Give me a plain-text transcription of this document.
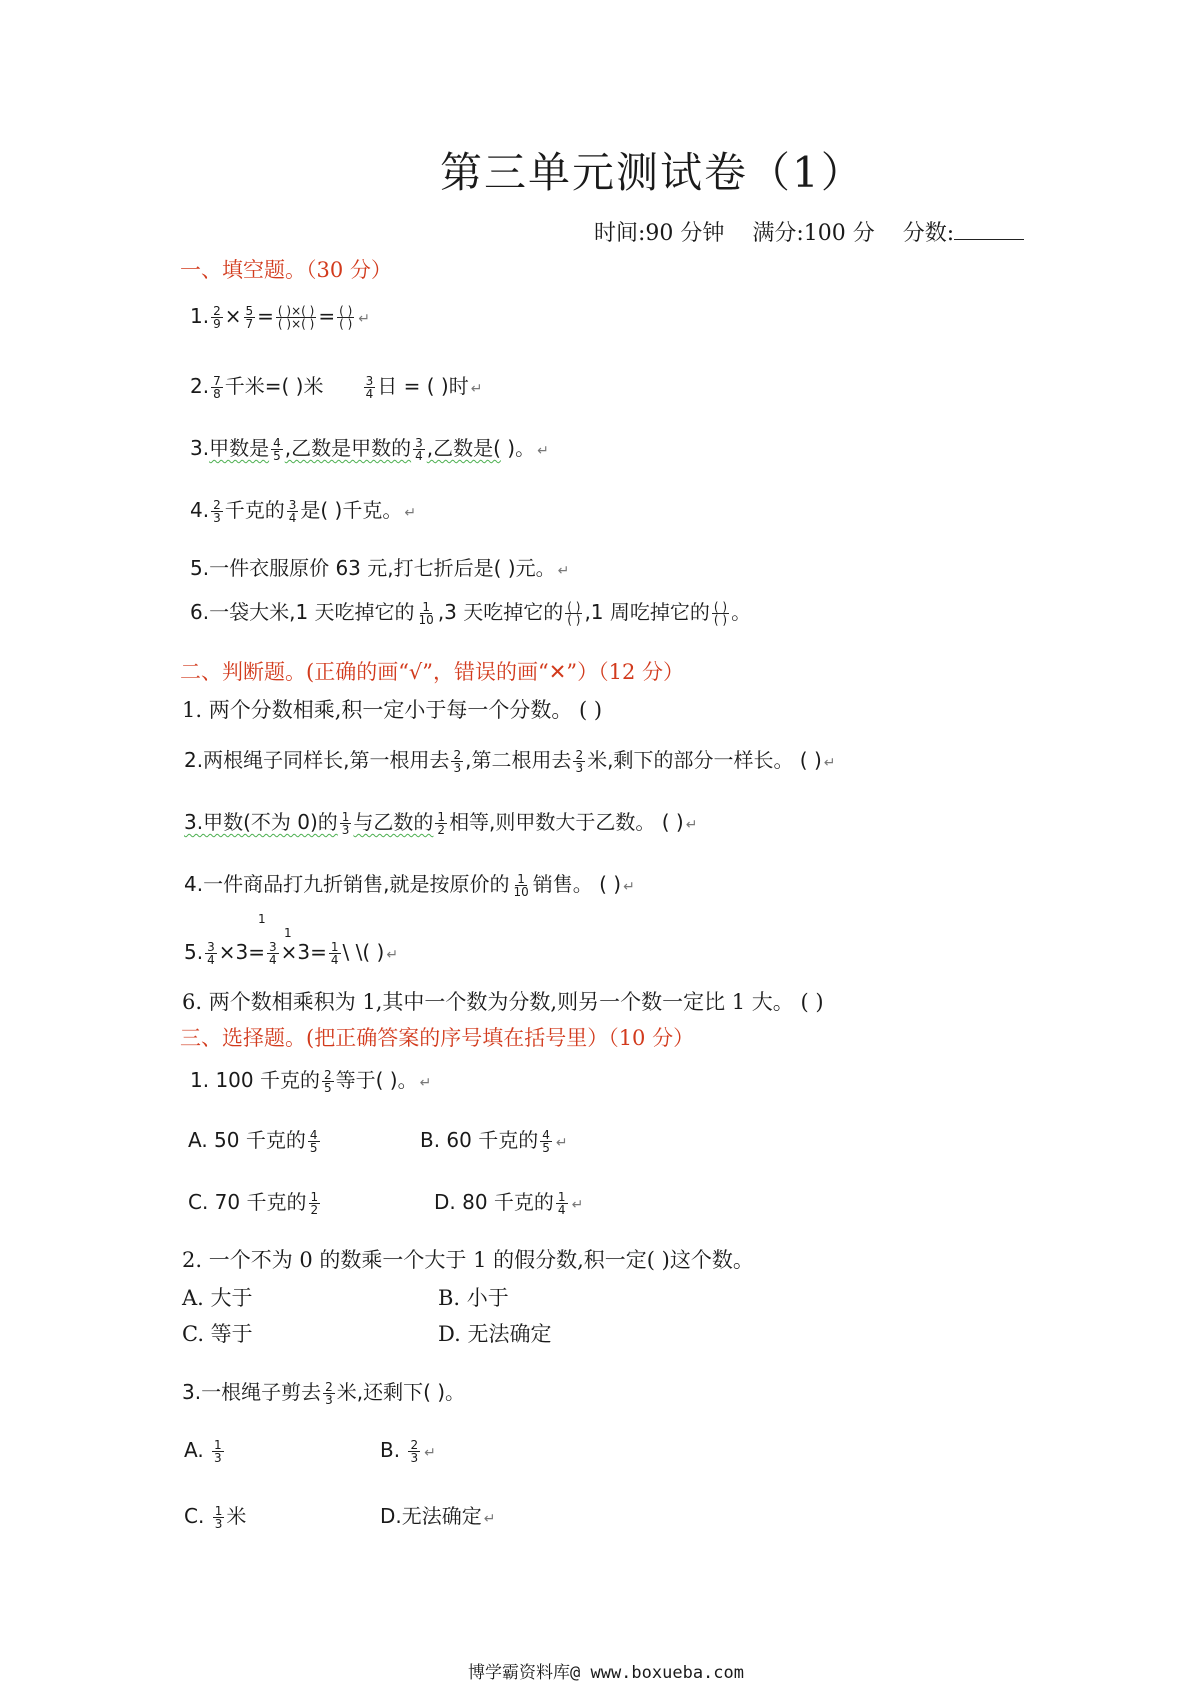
第三单元测试卷（1）
时间:90 分钟 满分:100 分 分数:
一、填空题。（30 分）
1. $\frac{2}{9} \times \frac{5}{7} = \frac{( )\times( )}{( )\times( )} = \frac{( )}{( )}$ ↵
2. $\frac{7}{8}$ 千米=( )米	$\frac{3}{4}$ 日 = ( )时 ↵
3.甲数是 $\frac{4}{5}$ ,乙数是甲数的 $\frac{3}{4}$ ,乙数是( )。 ↵
4. $\frac{2}{3}$ 千克的 $\frac{3}{4}$ 是( )千克。 ↵
5.一件衣服原价 63 元,打七折后是( )元。 ↵
6.一袋大米,1 天吃掉它的 $\frac{1}{10} ,3$ 天吃掉它的 $\frac{( )}{( )} ,1$ 周吃掉它的 $\frac{( )}{( )}$ 。
二、判断题。(正确的画“√”，错误的画“✕”）（12 分）
1. 两个分数相乘,积一定小于每一个分数。 ( )
2.两根绳子同样长,第一根用去 $\frac{2}{3}$ ,第二根用去 $\frac{2}{3}$ 米,剩下的部分一样长。 ( ) ↵
3.甲数(不为 0)的 $\frac{1}{3}$ 与乙数的 $\frac{1}{2}$ 相等,则甲数大于乙数。 ( ) ↵
4.一件商品打九折销售,就是按原价的 $\frac{1}{10}$ 销售。 ( ) ↵
1
1
5. $\frac{3}{4} \times 3= \frac{3}{4} \times 3= \frac{1}{4}$ \ \( ) ↵
6. 两个数相乘积为 1,其中一个数为分数,则另一个数一定比 1 大。 ( )
三、选择题。(把正确答案的序号填在括号里）（10 分）
1. 100 千克的 $\frac{2}{5}$ 等于( )。 ↵
A. 50 千克的 $\frac{4}{5}$	B. 60 千克的 $\frac{4}{5}$ ↵
C. 70 千克的 $\frac{1}{2}$	D. 80 千克的 $\frac{1}{4}$ ↵
2. 一个不为 0 的数乘一个大于 1 的假分数,积一定( )这个数。
A. 大于	B. 小于
C. 等于	D. 无法确定
3.一根绳子剪去 $\frac{2}{3}$ 米,还剩下( )。
A. $\frac{1}{3}$	B. $\frac{2}{3}$ ↵
C. $\frac{1}{3}$ 米	D.无法确定 ↵
博学霸资料库@ www.boxueba.com
